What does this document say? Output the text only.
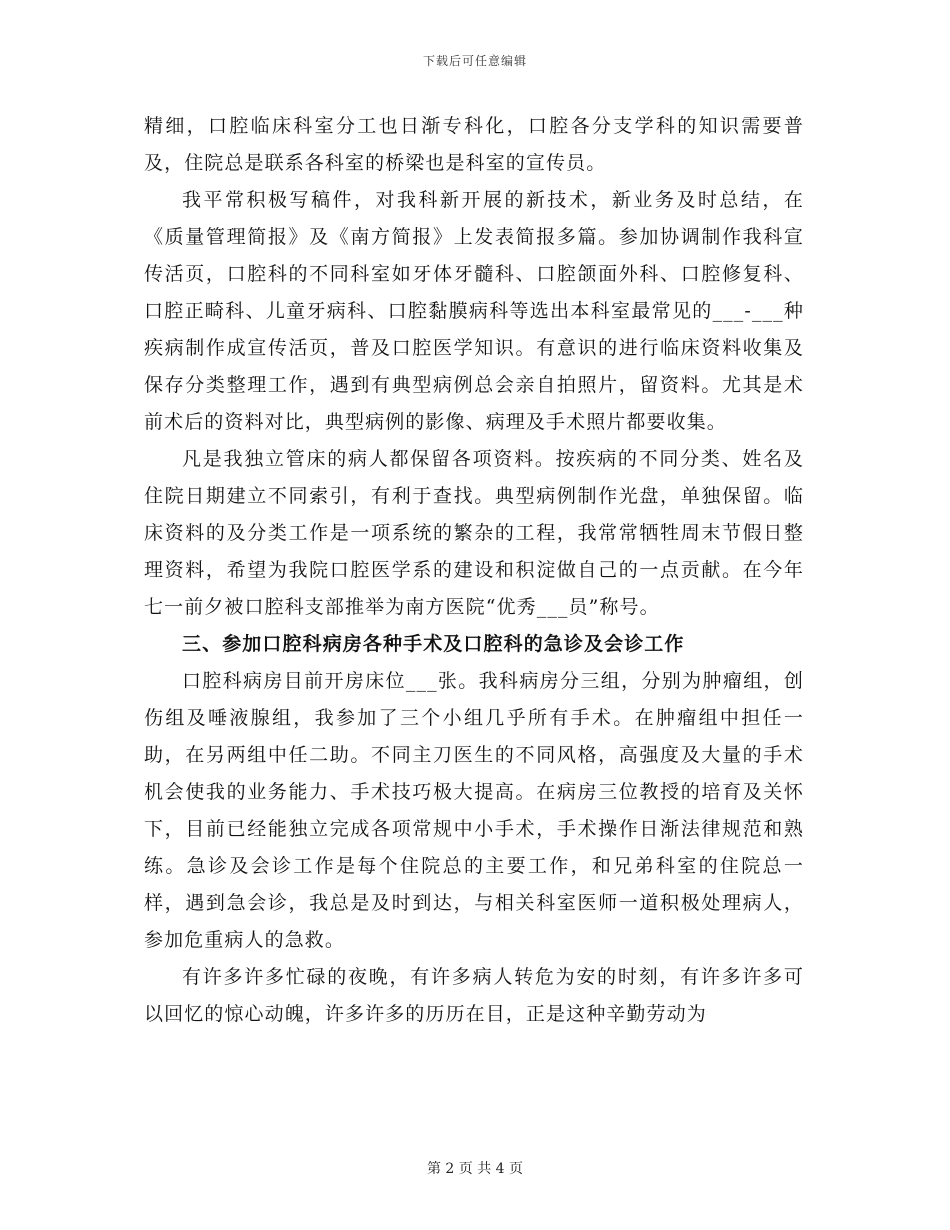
下载后可任意编辑

精细，口腔临床科室分工也日渐专科化，口腔各分支学科的知识需要普及，住院总是联系各科室的桥梁也是科室的宣传员。

我平常积极写稿件，对我科新开展的新技术，新业务及时总结，在《质量管理简报》及《南方简报》上发表简报多篇。参加协调制作我科宣传活页，口腔科的不同科室如牙体牙髓科、口腔颌面外科、口腔修复科、口腔正畸科、儿童牙病科、口腔黏膜病科等选出本科室最常见的___-___种疾病制作成宣传活页，普及口腔医学知识。有意识的进行临床资料收集及保存分类整理工作，遇到有典型病例总会亲自拍照片，留资料。尤其是术前术后的资料对比，典型病例的影像、病理及手术照片都要收集。

凡是我独立管床的病人都保留各项资料。按疾病的不同分类、姓名及住院日期建立不同索引，有利于查找。典型病例制作光盘，单独保留。临床资料的及分类工作是一项系统的繁杂的工程，我常常牺牲周末节假日整理资料，希望为我院口腔医学系的建设和积淀做自己的一点贡献。在今年七一前夕被口腔科支部推举为南方医院“优秀___员”称号。

三、参加口腔科病房各种手术及口腔科的急诊及会诊工作

口腔科病房目前开房床位___张。我科病房分三组，分别为肿瘤组，创伤组及唾液腺组，我参加了三个小组几乎所有手术。在肿瘤组中担任一助，在另两组中任二助。不同主刀医生的不同风格，高强度及大量的手术机会使我的业务能力、手术技巧极大提高。在病房三位教授的培育及关怀下，目前已经能独立完成各项常规中小手术，手术操作日渐法律规范和熟练。急诊及会诊工作是每个住院总的主要工作，和兄弟科室的住院总一样，遇到急会诊，我总是及时到达，与相关科室医师一道积极处理病人，参加危重病人的急救。

有许多许多忙碌的夜晚，有许多病人转危为安的时刻，有许多许多可以回忆的惊心动魄，许多许多的历历在目，正是这种辛勤劳动为

第 2 页 共 4 页
